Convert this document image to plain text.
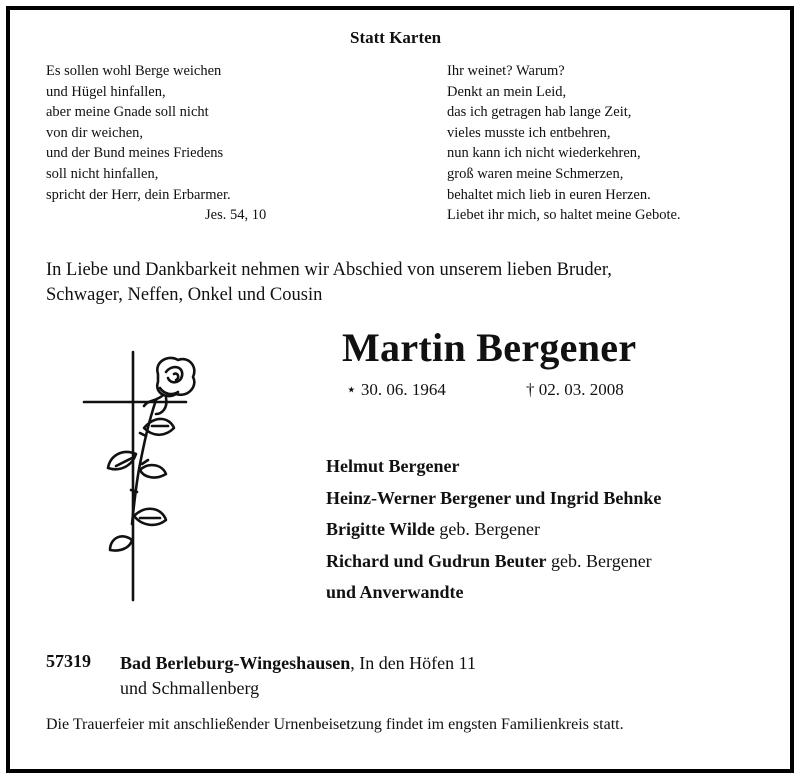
Statt Karten
Es sollen wohl Berge weichen
und Hügel hinfallen,
aber meine Gnade soll nicht
von dir weichen,
und der Bund meines Friedens
soll nicht hinfallen,
spricht der Herr, dein Erbarmer.
Jes. 54, 10
Ihr weinet? Warum?
Denkt an mein Leid,
das ich getragen hab lange Zeit,
vieles musste ich entbehren,
nun kann ich nicht wiederkehren,
groß waren meine Schmerzen,
behaltet mich lieb in euren Herzen.
Liebet ihr mich, so haltet meine Gebote.
In Liebe und Dankbarkeit nehmen wir Abschied von unserem lieben Bruder,
Schwager, Neffen, Onkel und Cousin
Martin Bergener
⋆ 30. 06. 1964	† 02. 03. 2008
Helmut Bergener
Heinz-Werner Bergener und Ingrid Behnke
Brigitte Wilde geb. Bergener
Richard und Gudrun Beuter geb. Bergener
und Anverwandte
57319 Bad Berleburg-Wingeshausen, In den Höfen 11
und Schmallenberg
Die Trauerfeier mit anschließender Urnenbeisetzung findet im engsten Familienkreis statt.
